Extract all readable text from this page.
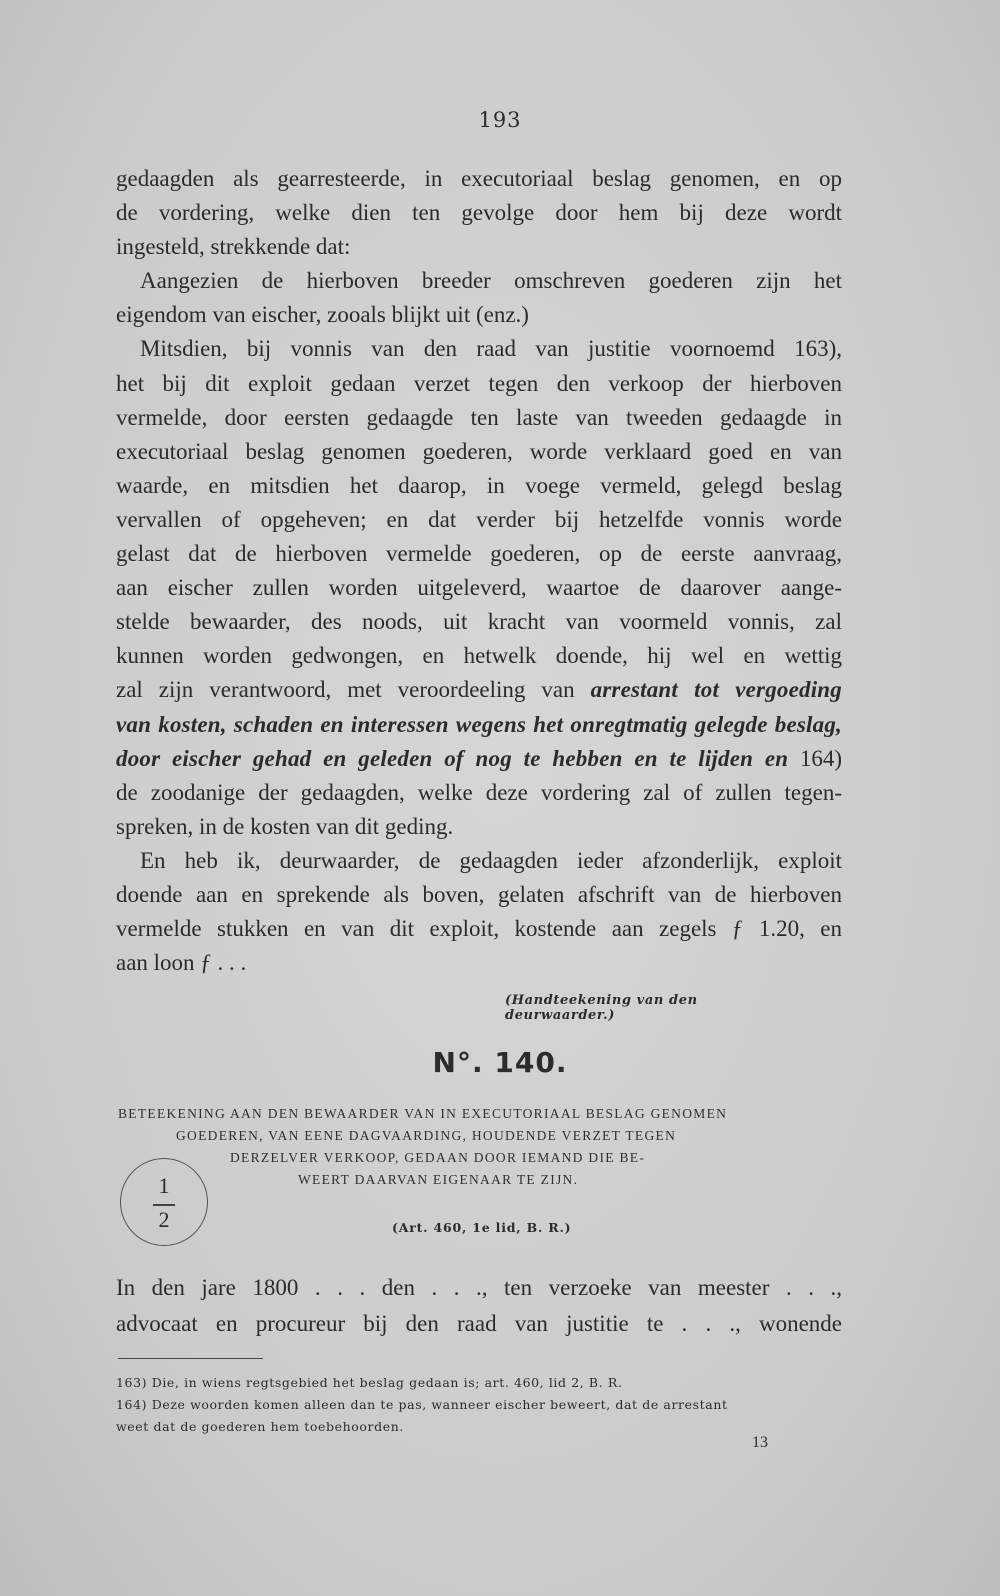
193
gedaagden als gearresteerde, in executoriaal beslag genomen, en op
de vordering, welke dien ten gevolge door hem bij deze wordt
ingesteld, strekkende dat:
Aangezien de hierboven breeder omschreven goederen zijn het
eigendom van eischer, zooals blijkt uit (enz.)
Mitsdien, bij vonnis van den raad van justitie voornoemd 163),
het bij dit exploit gedaan verzet tegen den verkoop der hierboven
vermelde, door eersten gedaagde ten laste van tweeden gedaagde in
executoriaal beslag genomen goederen, worde verklaard goed en van
waarde, en mitsdien het daarop, in voege vermeld, gelegd beslag
vervallen of opgeheven; en dat verder bij hetzelfde vonnis worde
gelast dat de hierboven vermelde goederen, op de eerste aanvraag,
aan eischer zullen worden uitgeleverd, waartoe de daarover aange-
stelde bewaarder, des noods, uit kracht van voormeld vonnis, zal
kunnen worden gedwongen, en hetwelk doende, hij wel en wettig
zal zijn verantwoord, met veroordeeling van arrestant tot vergoeding
van kosten, schaden en interessen wegens het onregtmatig gelegde beslag,
door eischer gehad en geleden of nog te hebben en te lijden en 164)
de zoodanige der gedaagden, welke deze vordering zal of zullen tegen-
spreken, in de kosten van dit geding.
En heb ik, deurwaarder, de gedaagden ieder afzonderlijk, exploit
doende aan en sprekende als boven, gelaten afschrift van de hierboven
vermelde stukken en van dit exploit, kostende aan zegels ƒ 1.20, en
aan loon ƒ . . .
(Handteekening van den deurwaarder.)
N°. 140.
BETEEKENING AAN DEN BEWAARDER VAN IN EXECUTORIAAL BESLAG GENOMEN
GOEDEREN, VAN EENE DAGVAARDING, HOUDENDE VERZET TEGEN
DERZELVER VERKOOP, GEDAAN DOOR IEMAND DIE BE-
WEERT DAARVAN EIGENAAR TE ZIJN.
1
2	(Art. 460, 1e lid, B. R.)
In den jare 1800 . . . den . . ., ten verzoeke van meester . . .,
advocaat en procureur bij den raad van justitie te . . ., wonende
163) Die, in wiens regtsgebied het beslag gedaan is; art. 460, lid 2, B. R.
164) Deze woorden komen alleen dan te pas, wanneer eischer beweert, dat de arrestant
weet dat de goederen hem toebehoorden.
13
